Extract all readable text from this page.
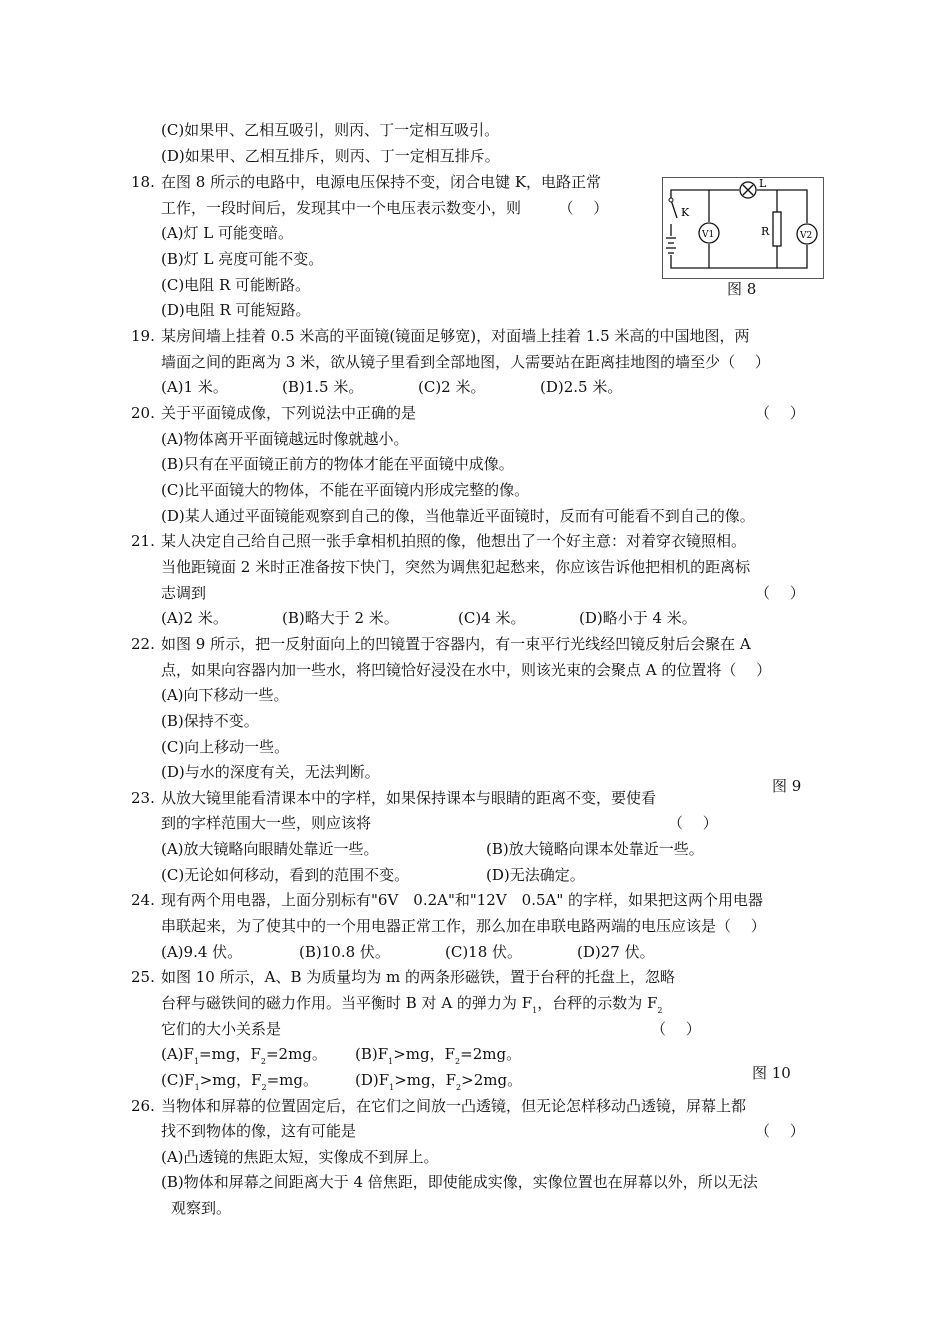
(C)如果甲、乙相互吸引，则丙、丁一定相互吸引。
(D)如果甲、乙相互排斥，则丙、丁一定相互排斥。
18. 在图 8 所示的电路中，电源电压保持不变，闭合电键 K，电路正常
工作，一段时间后，发现其中一个电压表示数变小，则　　　（　 ）
(A)灯 L 可能变暗。
(B)灯 L 亮度可能不变。
(C)电阻 R 可能断路。
(D)电阻 R 可能短路。
L
K
R
V1	V2
图 8
19. 某房间墙上挂着 0.5 米高的平面镜(镜面足够宽)，对面墙上挂着 1.5 米高的中国地图，两
墙面之间的距离为 3 米，欲从镜子里看到全部地图，人需要站在距离挂地图的墙至少（　 ）
(A)1 米。	(B)1.5 米。	(C)2 米。	(D)2.5 米。
20. 关于平面镜成像，下列说法中正确的是	（　 ）
(A)物体离开平面镜越远时像就越小。
(B)只有在平面镜正前方的物体才能在平面镜中成像。
(C)比平面镜大的物体，不能在平面镜内形成完整的像。
(D)某人通过平面镜能观察到自己的像，当他靠近平面镜时，反而有可能看不到自己的像。
21. 某人决定自己给自己照一张手拿相机拍照的像，他想出了一个好主意：对着穿衣镜照相。
当他距镜面 2 米时正准备按下快门，突然为调焦犯起愁来，你应该告诉他把相机的距离标
志调到	（　 ）
(A)2 米。	(B)略大于 2 米。	(C)4 米。	(D)略小于 4 米。
22. 如图 9 所示，把一反射面向上的凹镜置于容器内，有一束平行光线经凹镜反射后会聚在 A
点，如果向容器内加一些水，将凹镜恰好浸没在水中，则该光束的会聚点 A 的位置将（　 ）
(A)向下移动一些。
(B)保持不变。
(C)向上移动一些。
(D)与水的深度有关，无法判断。
图 9
23. 从放大镜里能看清课本中的字样，如果保持课本与眼睛的距离不变，要使看
到的字样范围大一些，则应该将	（　 ）
(A)放大镜略向眼睛处靠近一些。	(B)放大镜略向课本处靠近一些。
(C)无论如何移动，看到的范围不变。	(D)无法确定。
24. 现有两个用电器，上面分别标有"6V　0.2A"和"12V　0.5A" 的字样，如果把这两个用电器
串联起来，为了使其中的一个用电器正常工作，那么加在串联电路两端的电压应该是（　 ）
(A)9.4 伏。	(B)10.8 伏。	(C)18 伏。	(D)27 伏。
25. 如图 10 所示，A、B 为质量均为 m 的两条形磁铁，置于台秤的托盘上，忽略
台秤与磁铁间的磁力作用。当平衡时 B 对 A 的弹力为 $F_1$，台秤的示数为 $F_2$
它们的大小关系是	（　 ）
$(A)F_1=mg$，$F_2=2mg$。 $(B)F_1>mg$，$F_2=2mg$。
$(C)F_1>mg$，$F_2=mg$。 $(D)F_1>mg$，$F_2>2mg$。	图 10
26. 当物体和屏幕的位置固定后，在它们之间放一凸透镜，但无论怎样移动凸透镜，屏幕上都
找不到物体的像，这有可能是	（　 ）
(A)凸透镜的焦距太短，实像成不到屏上。
(B)物体和屏幕之间距离大于 4 倍焦距，即使能成实像，实像位置也在屏幕以外，所以无法
观察到。
